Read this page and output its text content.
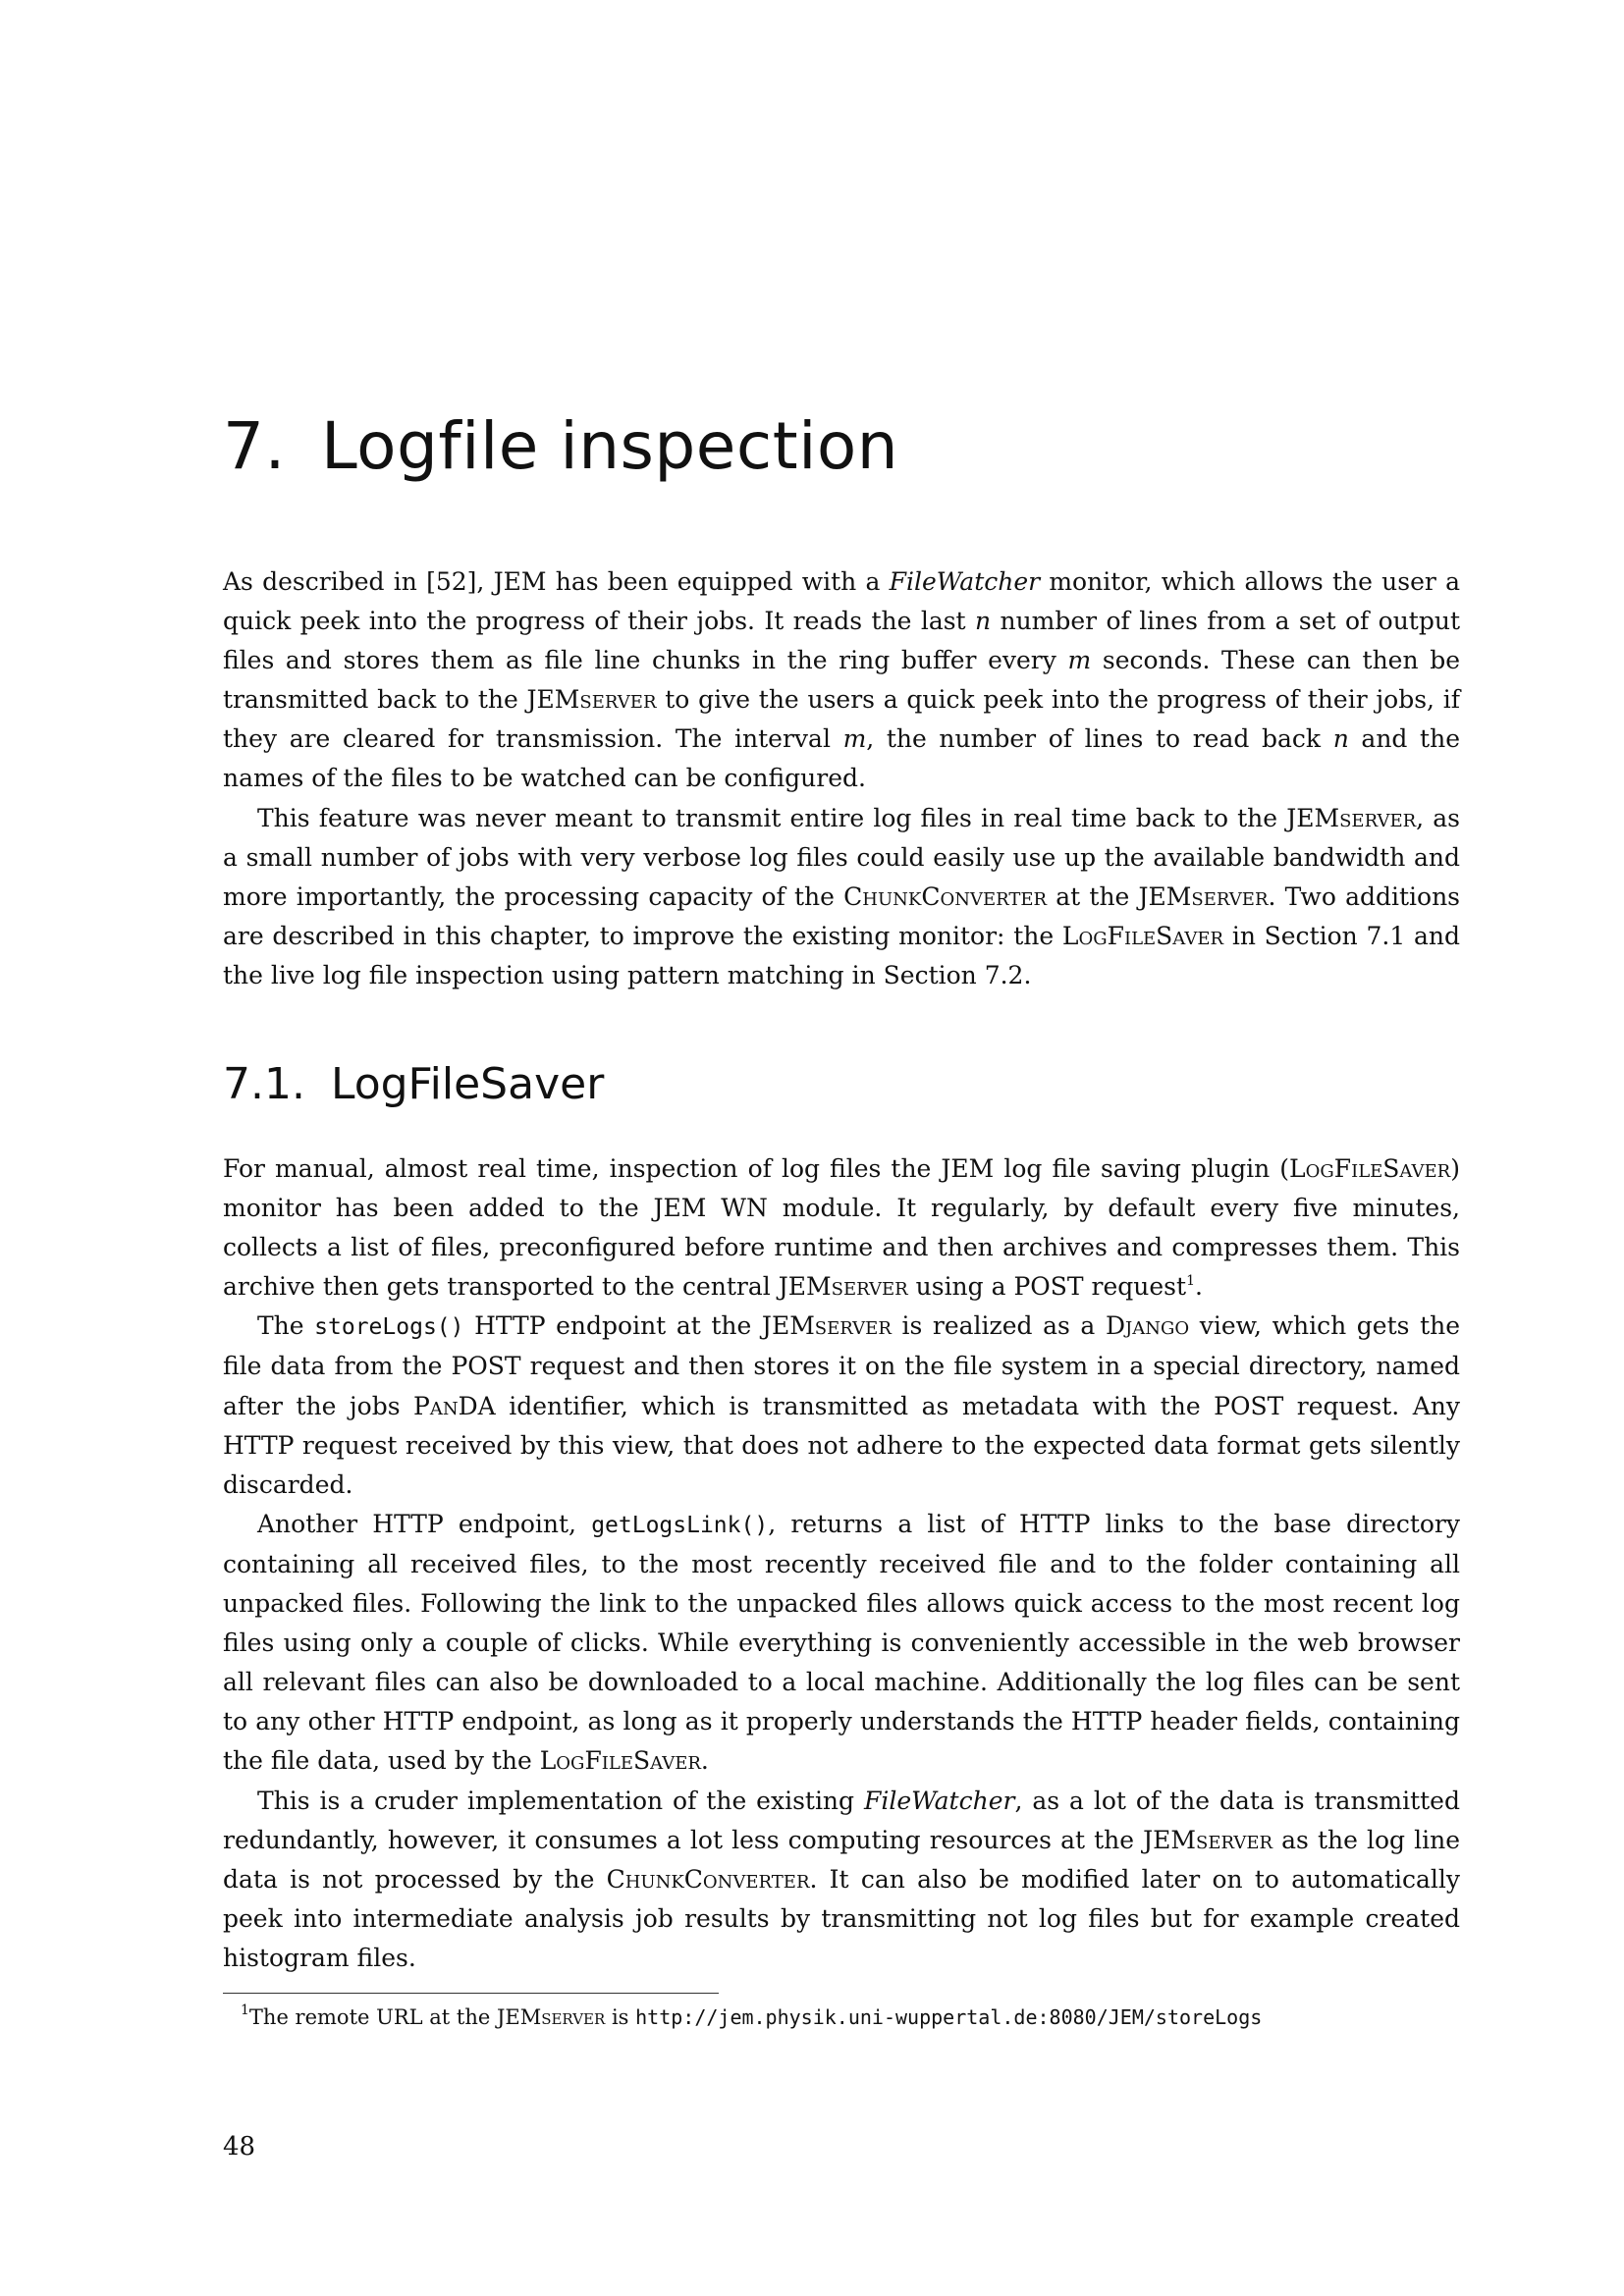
7. Logfile inspection

As described in [52], JEM has been equipped with a FileWatcher monitor, which allows the user a quick peek into the progress of their jobs. It reads the last n number of lines from a set of output files and stores them as file line chunks in the ring buffer every m seconds. These can then be transmitted back to the JEMserver to give the users a quick peek into the progress of their jobs, if they are cleared for transmission. The interval m, the number of lines to read back n and the names of the files to be watched can be configured.

This feature was never meant to transmit entire log files in real time back to the JEMserver, as a small number of jobs with very verbose log files could easily use up the available bandwidth and more importantly, the processing capacity of the ChunkConverter at the JEMserver. Two additions are described in this chapter, to improve the existing monitor: the LogFileSaver in Section 7.1 and the live log file inspection using pattern matching in Section 7.2.

7.1. LogFileSaver

For manual, almost real time, inspection of log files the JEM log file saving plugin (LogFileSaver) monitor has been added to the JEM WN module. It regularly, by default every five minutes, collects a list of files, preconfigured before runtime and then archives and compresses them. This archive then gets transported to the central JEMserver using a POST request$^1$.

The storeLogs() HTTP endpoint at the JEMserver is realized as a Django view, which gets the file data from the POST request and then stores it on the file system in a special directory, named after the jobs PanDA identifier, which is transmitted as metadata with the POST request. Any HTTP request received by this view, that does not adhere to the expected data format gets silently discarded.

Another HTTP endpoint, getLogsLink(), returns a list of HTTP links to the base directory containing all received files, to the most recently received file and to the folder containing all unpacked files. Following the link to the unpacked files allows quick access to the most recent log files using only a couple of clicks. While everything is conveniently accessible in the web browser all relevant files can also be downloaded to a local machine. Additionally the log files can be sent to any other HTTP endpoint, as long as it properly understands the HTTP header fields, containing the file data, used by the LogFileSaver.

This is a cruder implementation of the existing FileWatcher, as a lot of the data is transmitted redundantly, however, it consumes a lot less computing resources at the JEMserver as the log line data is not processed by the ChunkConverter. It can also be modified later on to automatically peek into intermediate analysis job results by transmitting not log files but for example created histogram files.

$^1$The remote URL at the JEMserver is http://jem.physik.uni-wuppertal.de:8080/JEM/storeLogs
48
